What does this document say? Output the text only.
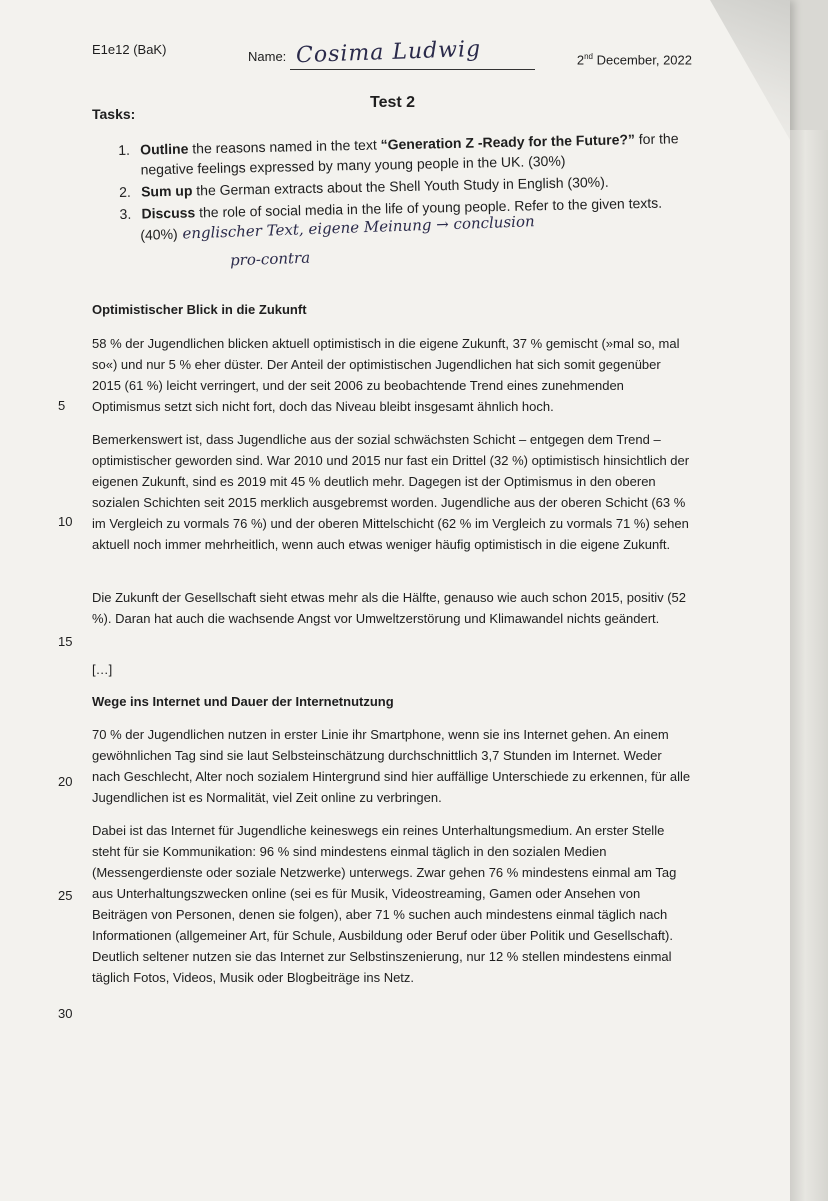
E1e12 (BaK)	Name: Cosima Ludwig	2nd December, 2022
Test 2
Tasks:
1. Outline the reasons named in the text “Generation Z -Ready for the Future?” for the negative feelings expressed by many young people in the UK. (30%)
2. Sum up the German extracts about the Shell Youth Study in English (30%).
3. Discuss the role of social media in the life of young people. Refer to the given texts.
(40%) englischer Text, eigene Meinung → conclusion
pro-contra
Optimistischer Blick in die Zukunft

58 % der Jugendlichen blicken aktuell optimistisch in die eigene Zukunft, 37 % gemischt (»mal so, mal so«) und nur 5 % eher düster. Der Anteil der optimistischen Jugendlichen hat sich somit gegenüber 2015 (61 %) leicht verringert, und der seit 2006 zu beobachtende Trend eines zunehmenden Optimismus setzt sich nicht fort, doch das Niveau bleibt insgesamt ähnlich hoch.

Bemerkenswert ist, dass Jugendliche aus der sozial schwächsten Schicht – entgegen dem Trend – optimistischer geworden sind. War 2010 und 2015 nur fast ein Drittel (32 %) optimistisch hinsichtlich der eigenen Zukunft, sind es 2019 mit 45 % deutlich mehr. Dagegen ist der Optimismus in den oberen sozialen Schichten seit 2015 merklich ausgebremst worden. Jugendliche aus der oberen Schicht (63 % im Vergleich zu vormals 76 %) und der oberen Mittelschicht (62 % im Vergleich zu vormals 71 %) sehen aktuell noch immer mehrheitlich, wenn auch etwas weniger häufig optimistisch in die eigene Zukunft.

Die Zukunft der Gesellschaft sieht etwas mehr als die Hälfte, genauso wie auch schon 2015, positiv (52 %). Daran hat auch die wachsende Angst vor Umweltzerstörung und Klimawandel nichts geändert.

[…]

Wege ins Internet und Dauer der Internetnutzung

70 % der Jugendlichen nutzen in erster Linie ihr Smartphone, wenn sie ins Internet gehen. An einem gewöhnlichen Tag sind sie laut Selbsteinschätzung durchschnittlich 3,7 Stunden im Internet. Weder nach Geschlecht, Alter noch sozialem Hintergrund sind hier auffällige Unterschiede zu erkennen, für alle Jugendlichen ist es Normalität, viel Zeit online zu verbringen.

Dabei ist das Internet für Jugendliche keineswegs ein reines Unterhaltungsmedium. An erster Stelle steht für sie Kommunikation: 96 % sind mindestens einmal täglich in den sozialen Medien (Messengerdienste oder soziale Netzwerke) unterwegs. Zwar gehen 76 % mindestens einmal am Tag aus Unterhaltungszwecken online (sei es für Musik, Videostreaming, Gamen oder Ansehen von Beiträgen von Personen, denen sie folgen), aber 71 % suchen auch mindestens einmal täglich nach Informationen (allgemeiner Art, für Schule, Ausbildung oder Beruf oder über Politik und Gesellschaft). Deutlich seltener nutzen sie das Internet zur Selbstinszenierung, nur 12 % stellen mindestens einmal täglich Fotos, Videos, Musik oder Blogbeiträge ins Netz.

5
10
15
20
25
30
